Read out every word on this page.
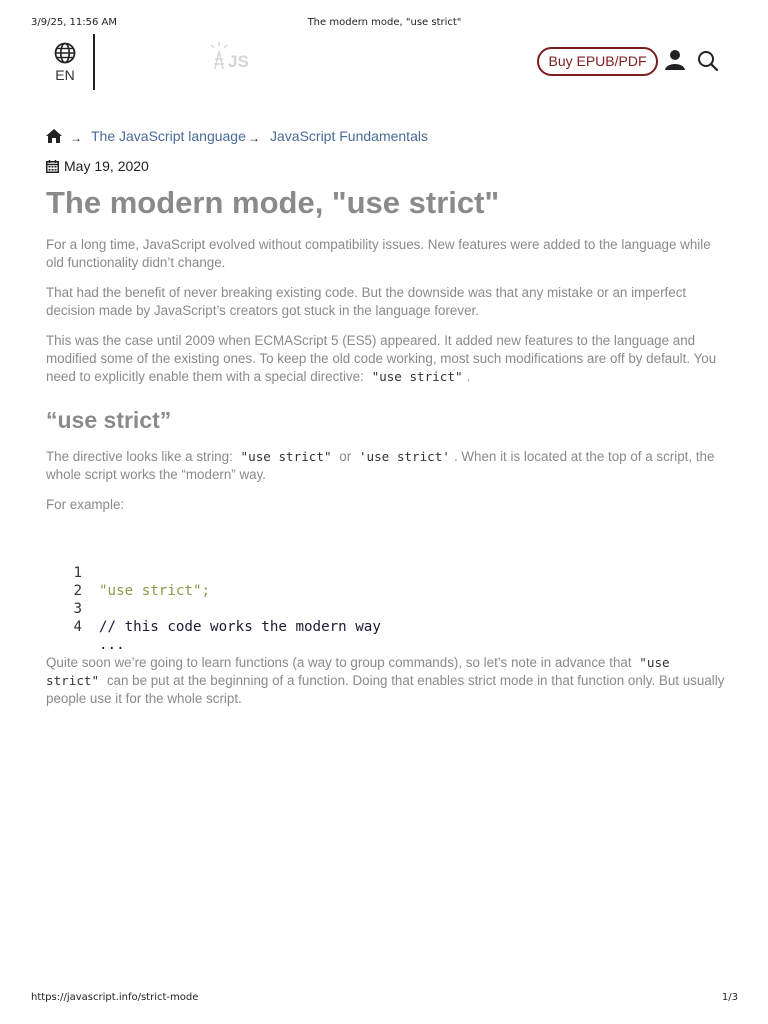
3/9/25, 11:56 AM	The modern mode, "use strict"
EN
JS	Buy EPUB/PDF
→ The JavaScript language → JavaScript Fundamentals
May 19, 2020
The modern mode, "use strict"

For a long time, JavaScript evolved without compatibility issues. New features were added to the language while old functionality didn’t change.

That had the benefit of never breaking existing code. But the downside was that any mistake or an imperfect decision made by JavaScript’s creators got stuck in the language forever.

This was the case until 2009 when ECMAScript 5 (ES5) appeared. It added new features to the language and modified some of the existing ones. To keep the old code working, most such modifications are off by default. You need to explicitly enable them with a special directive: "use strict" .

“use strict”

The directive looks like a string: "use strict" or 'use strict' . When it is located at the top of a script, the whole script works the “modern” way.

For example:

1

"use strict";

2

3

// this code works the modern way

4

...

Quite soon we’re going to learn functions (a way to group commands), so let’s note in advance that "use strict" can be put at the beginning of a function. Doing that enables strict mode in that function only. But usually people use it for the whole script.

https://javascript.info/strict-mode	1/3
